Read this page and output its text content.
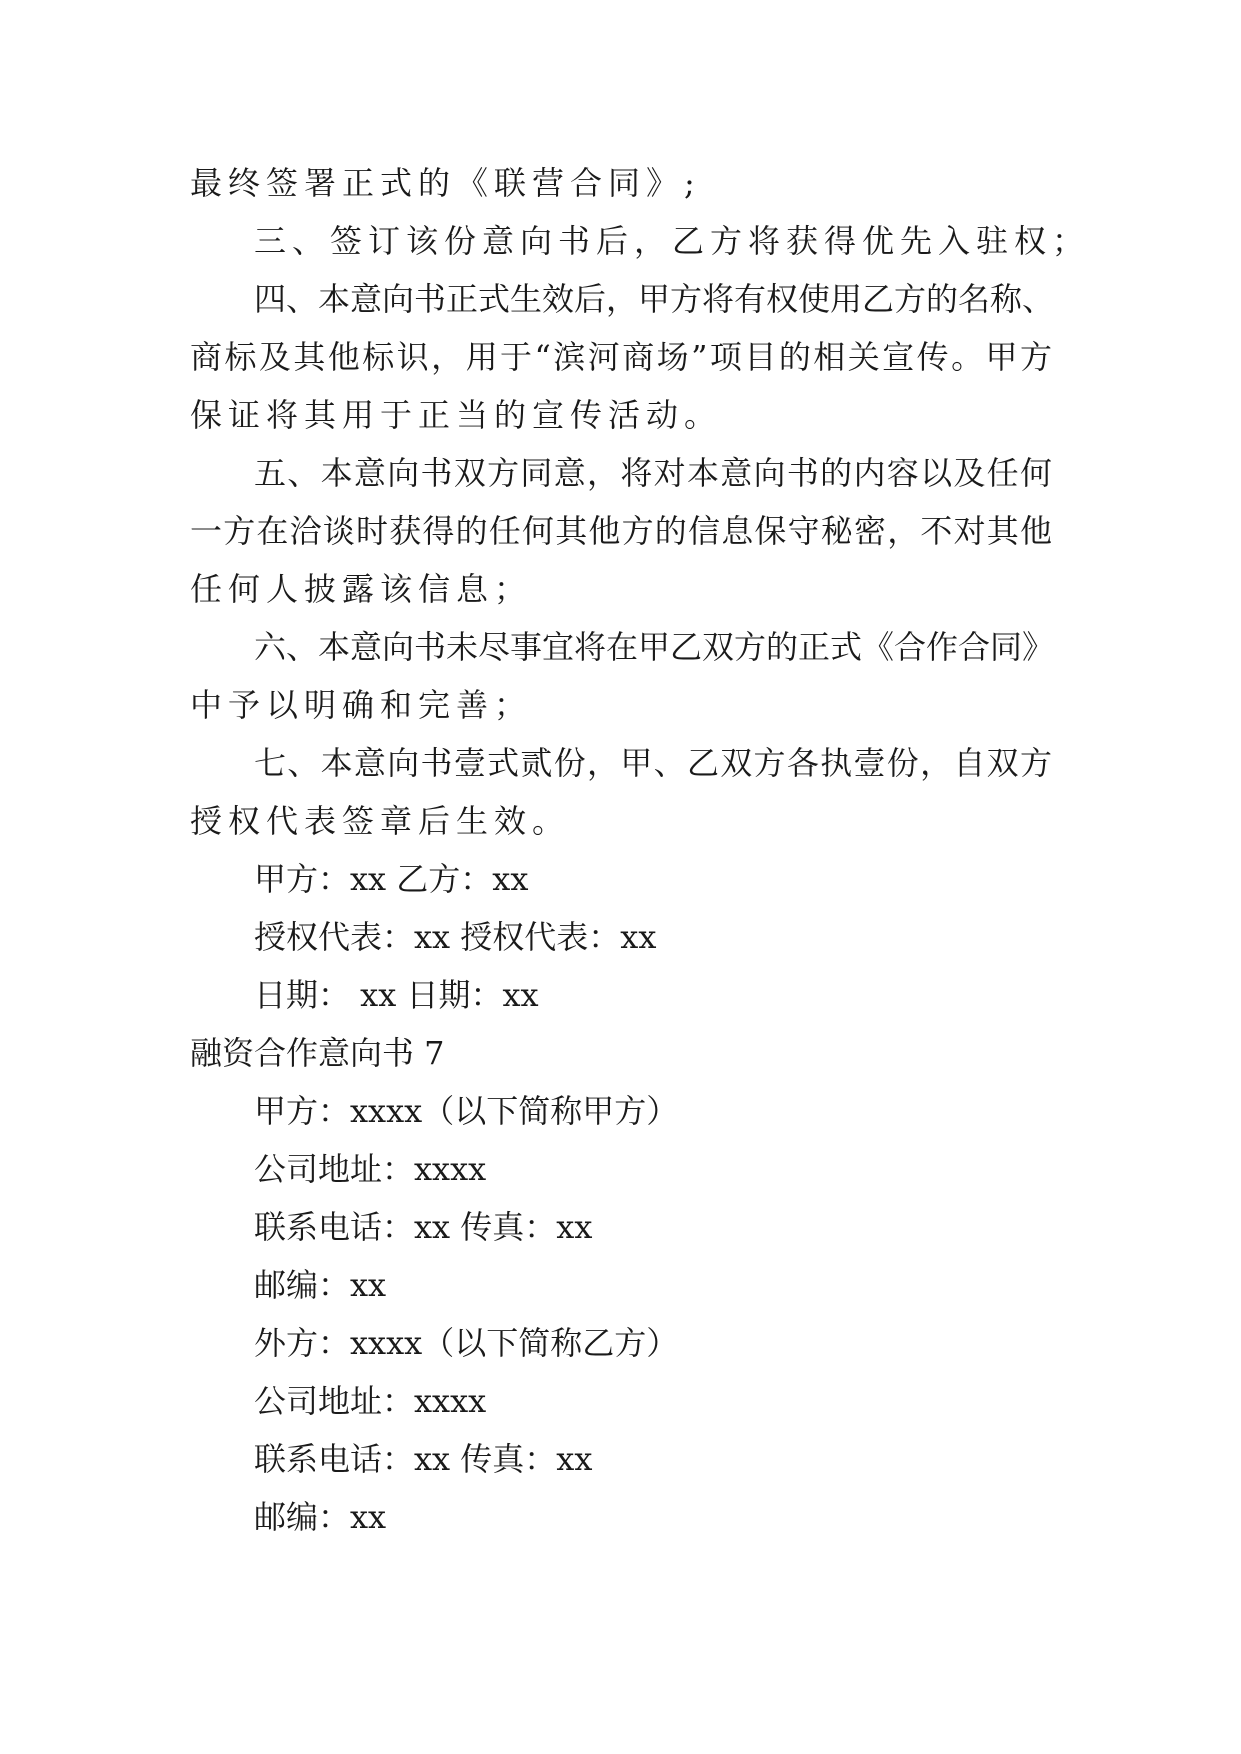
最终签署正式的《联营合同》;
三、签订该份意向书后，乙方将获得优先入驻权；
四、本意向书正式生效后，甲方将有权使用乙方的名称、
商标及其他标识，用于“滨河商场”项目的相关宣传。甲方
保证将其用于正当的宣传活动。
五、本意向书双方同意，将对本意向书的内容以及任何
一方在洽谈时获得的任何其他方的信息保守秘密，不对其他
任何人披露该信息；
六、本意向书未尽事宜将在甲乙双方的正式《合作合同》
中予以明确和完善；
七、本意向书壹式贰份，甲、乙双方各执壹份，自双方
授权代表签章后生效。
甲方：xx 乙方：xx
授权代表：xx 授权代表：xx
日期： xx 日期：xx
融资合作意向书 7
甲方：xxxx（以下简称甲方）
公司地址：xxxx
联系电话：xx 传真：xx
邮编：xx
外方：xxxx（以下简称乙方）
公司地址：xxxx
联系电话：xx 传真：xx
邮编：xx
